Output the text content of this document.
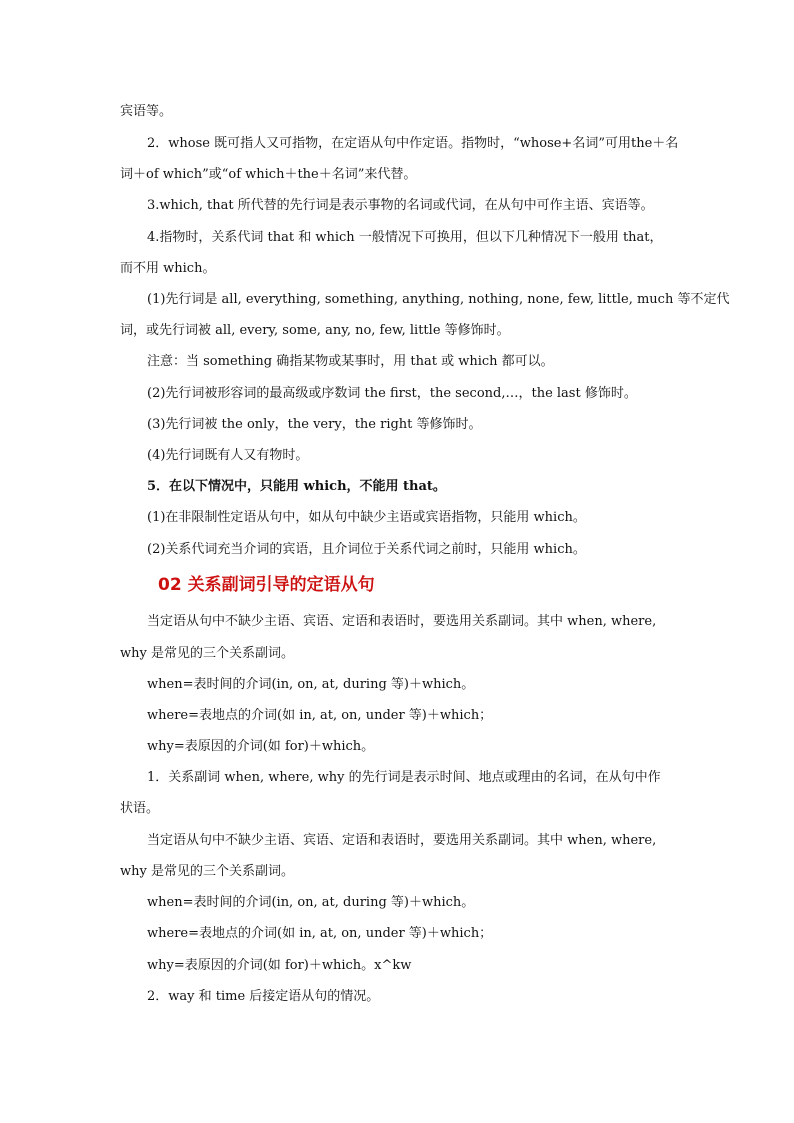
宾语等。
2．whose 既可指人又可指物，在定语从句中作定语。指物时，“whose+名词”可用the＋名
词＋of which”或“of which＋the＋名词”来代替。
3.which, that 所代替的先行词是表示事物的名词或代词，在从句中可作主语、宾语等。
4.指物时，关系代词 that 和 which 一般情况下可换用，但以下几种情况下一般用 that，
而不用 which。
(1)先行词是 all, everything, something, anything, nothing, none, few, little, much 等不定代
词，或先行词被 all, every, some, any, no, few, little 等修饰时。
注意：当 something 确指某物或某事时，用 that 或 which 都可以。
(2)先行词被形容词的最高级或序数词 the first，the second,…，the last 修饰时。
(3)先行词被 the only，the very，the right 等修饰时。
(4)先行词既有人又有物时。
5．在以下情况中，只能用 which，不能用 that。
(1)在非限制性定语从句中，如从句中缺少主语或宾语指物，只能用 which。
(2)关系代词充当介词的宾语，且介词位于关系代词之前时，只能用 which。
02 关系副词引导的定语从句
当定语从句中不缺少主语、宾语、定语和表语时，要选用关系副词。其中 when, where,
why 是常见的三个关系副词。
when=表时间的介词(in, on, at, during 等)＋which。
where=表地点的介词(如 in, at, on, under 等)＋which；
why=表原因的介词(如 for)＋which。
1．关系副词 when, where, why 的先行词是表示时间、地点或理由的名词，在从句中作
状语。
当定语从句中不缺少主语、宾语、定语和表语时，要选用关系副词。其中 when, where,
why 是常见的三个关系副词。
when=表时间的介词(in, on, at, during 等)＋which。
where=表地点的介词(如 in, at, on, under 等)＋which；
why=表原因的介词(如 for)＋which。x^kw
2．way 和 time 后接定语从句的情况。
